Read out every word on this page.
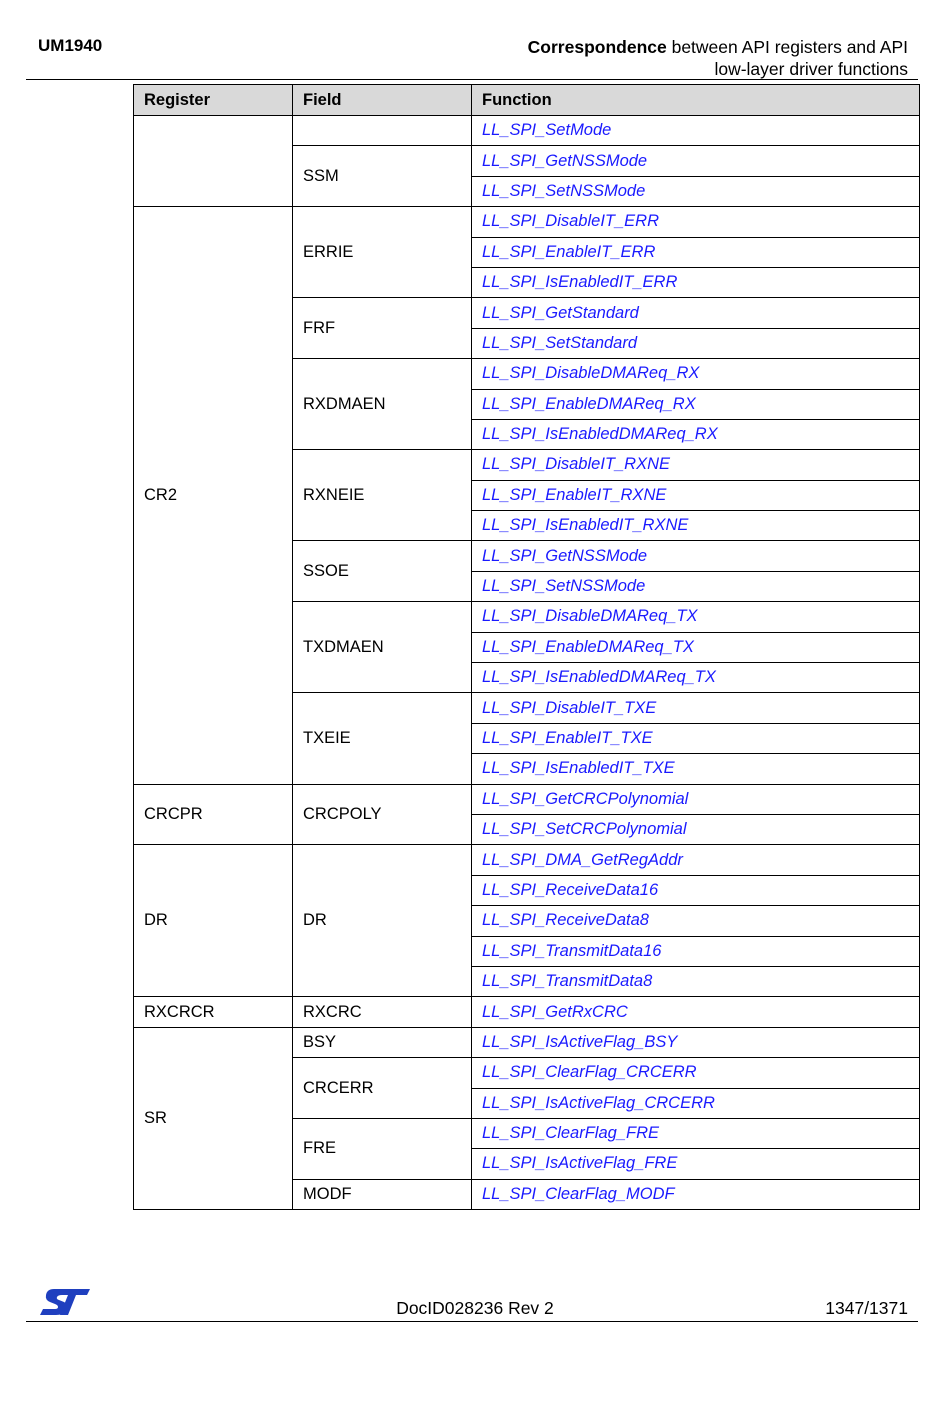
UM1940	Correspondence between API registers and API
low-layer driver functions
Register	Field	Function
		LL_SPI_SetMode
	SSM	LL_SPI_GetNSSMode
		LL_SPI_SetNSSMode
CR2	ERRIE	LL_SPI_DisableIT_ERR
		LL_SPI_EnableIT_ERR
		LL_SPI_IsEnabledIT_ERR
	FRF	LL_SPI_GetStandard
		LL_SPI_SetStandard
	RXDMAEN	LL_SPI_DisableDMAReq_RX
		LL_SPI_EnableDMAReq_RX
		LL_SPI_IsEnabledDMAReq_RX
	RXNEIE	LL_SPI_DisableIT_RXNE
		LL_SPI_EnableIT_RXNE
		LL_SPI_IsEnabledIT_RXNE
	SSOE	LL_SPI_GetNSSMode
		LL_SPI_SetNSSMode
	TXDMAEN	LL_SPI_DisableDMAReq_TX
		LL_SPI_EnableDMAReq_TX
		LL_SPI_IsEnabledDMAReq_TX
	TXEIE	LL_SPI_DisableIT_TXE
		LL_SPI_EnableIT_TXE
		LL_SPI_IsEnabledIT_TXE
CRCPR	CRCPOLY	LL_SPI_GetCRCPolynomial
		LL_SPI_SetCRCPolynomial
DR	DR	LL_SPI_DMA_GetRegAddr
		LL_SPI_ReceiveData16
		LL_SPI_ReceiveData8
		LL_SPI_TransmitData16
		LL_SPI_TransmitData8
RXCRCR	RXCRC	LL_SPI_GetRxCRC
SR	BSY	LL_SPI_IsActiveFlag_BSY
	CRCERR	LL_SPI_ClearFlag_CRCERR
		LL_SPI_IsActiveFlag_CRCERR
	FRE	LL_SPI_ClearFlag_FRE
		LL_SPI_IsActiveFlag_FRE
	MODF	LL_SPI_ClearFlag_MODF
DocID028236 Rev 2	1347/1371
